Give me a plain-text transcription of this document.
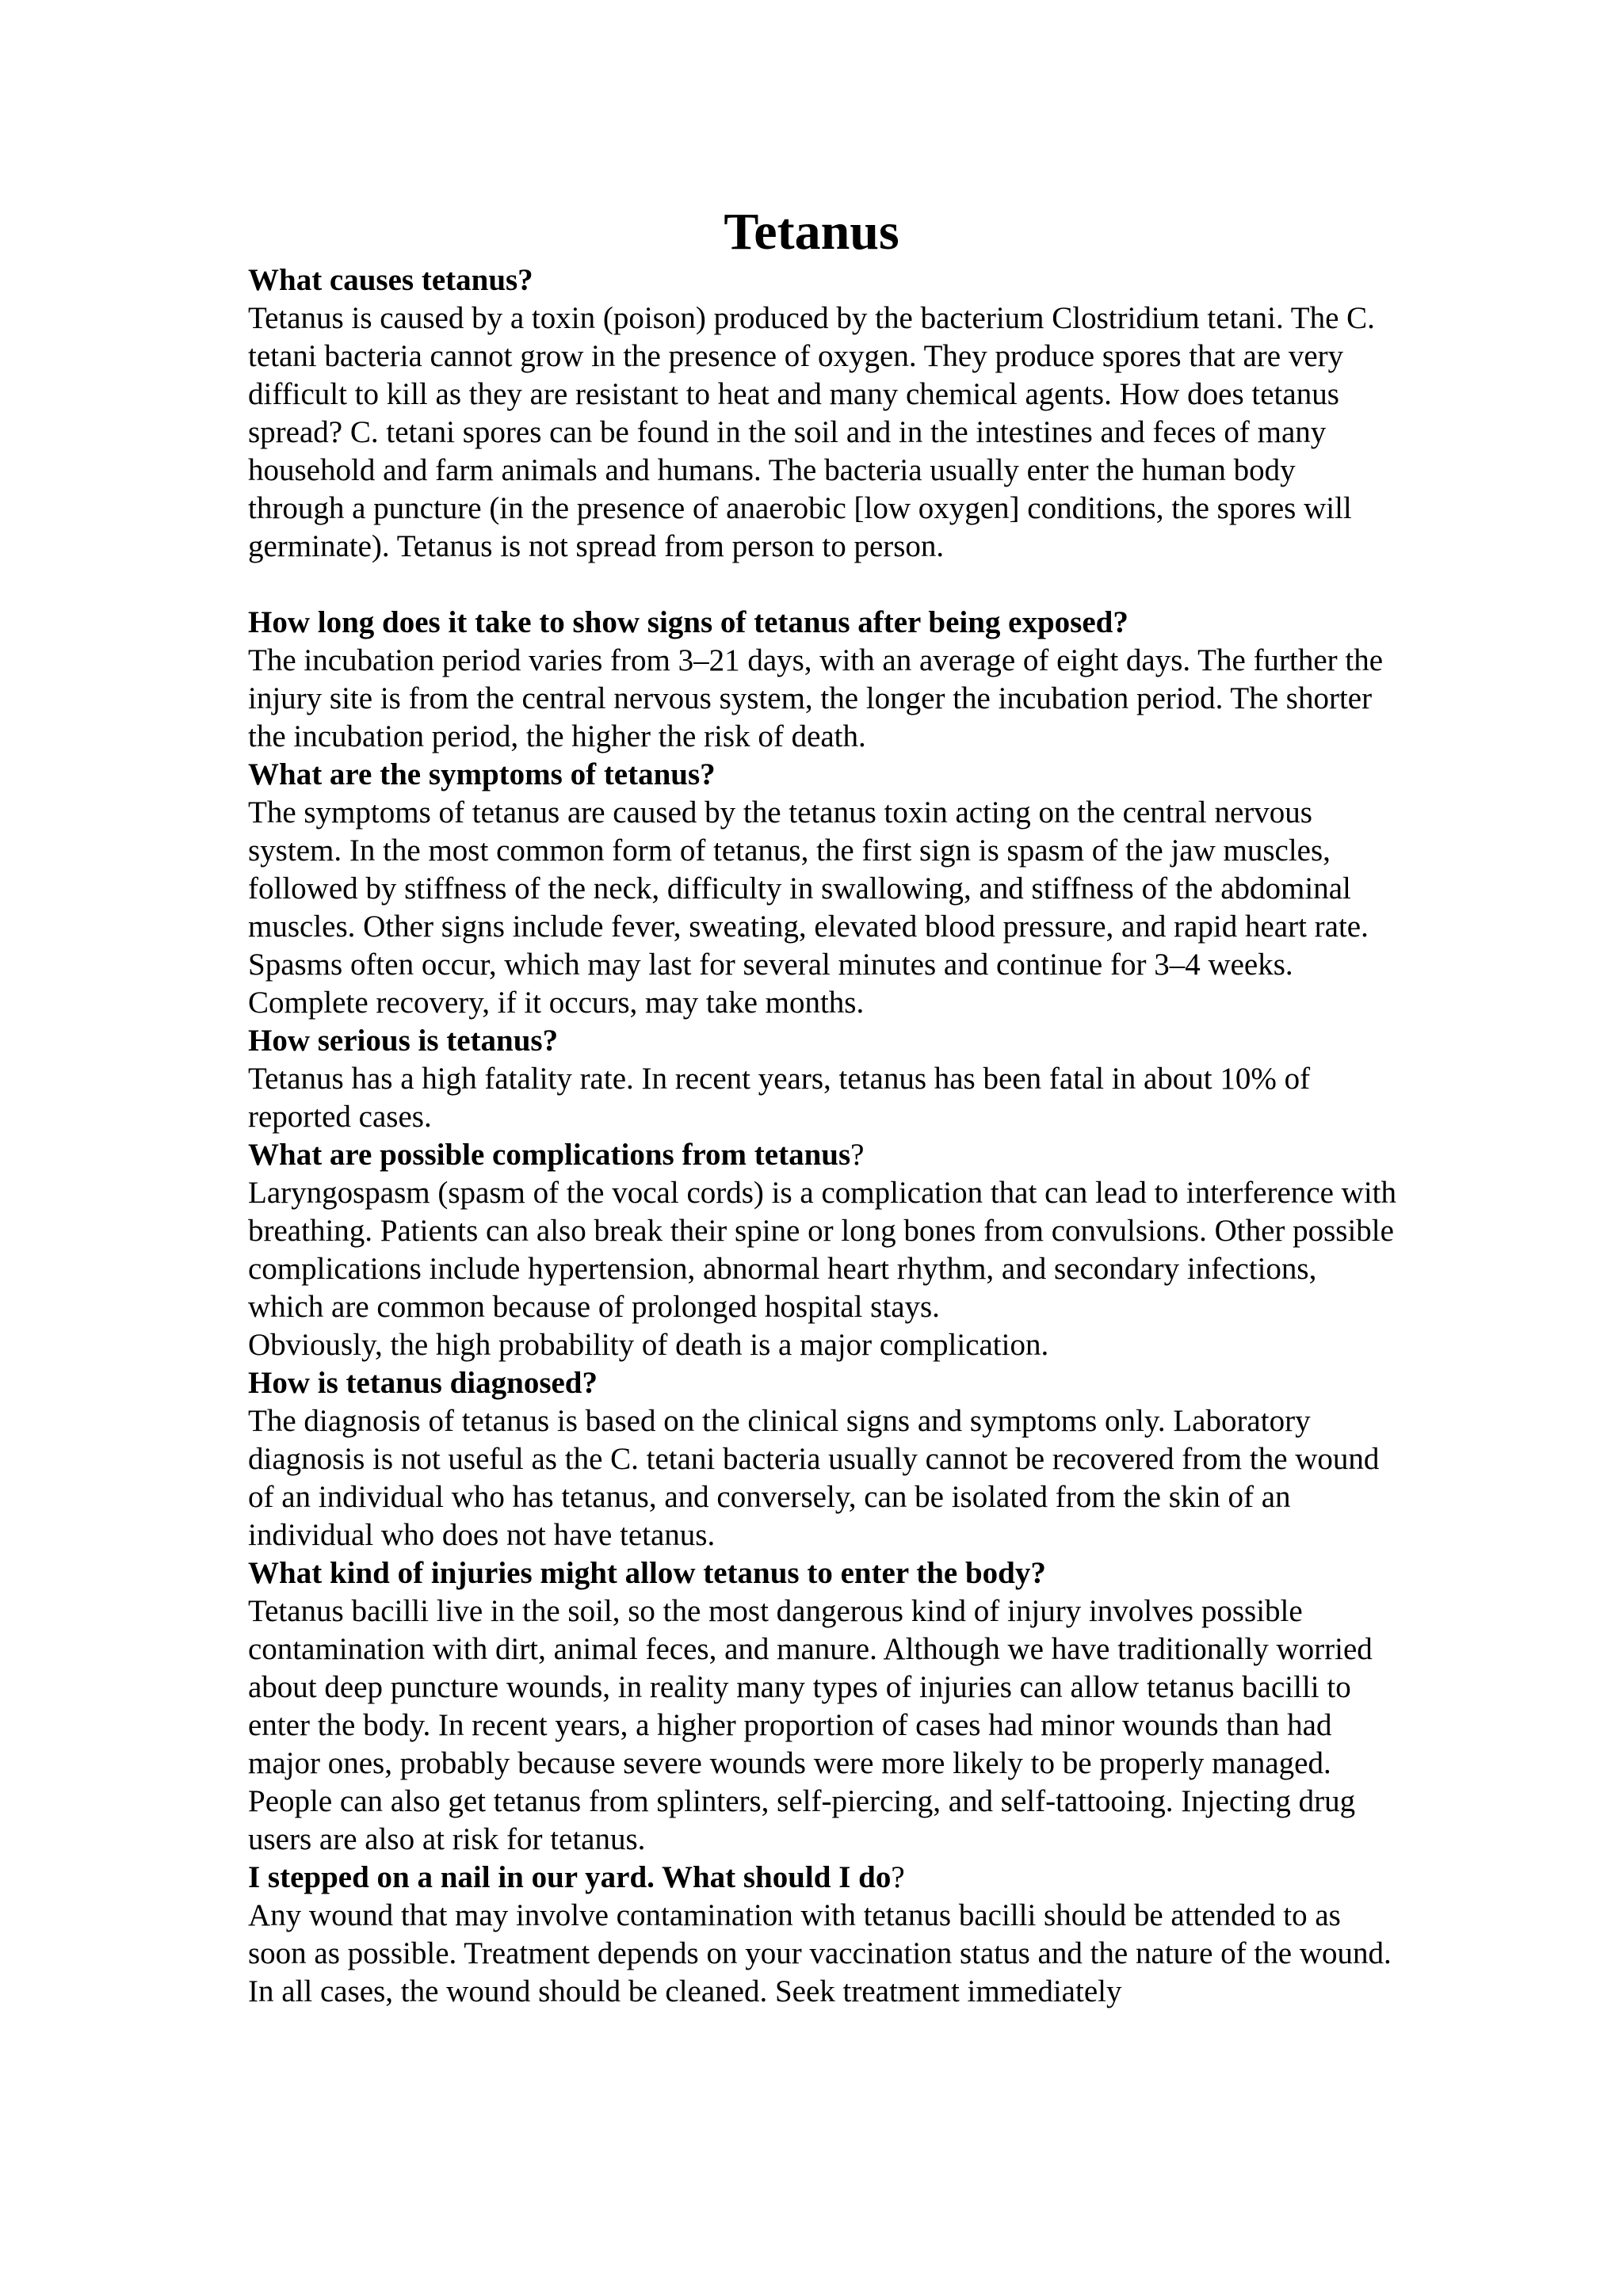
Tetanus

What causes tetanus?

Tetanus is caused by a toxin (poison) produced by the bacterium Clostridium tetani. The C. tetani bacteria cannot grow in the presence of oxygen. They produce spores that are very difficult to kill as they are resistant to heat and many chemical agents. How does tetanus spread? C. tetani spores can be found in the soil and in the intestines and feces of many household and farm animals and humans. The bacteria usually enter the human body through a puncture (in the presence of anaerobic [low oxygen] conditions, the spores will germinate). Tetanus is not spread from person to person.

How long does it take to show signs of tetanus after being exposed?

The incubation period varies from 3–21 days, with an average of eight days. The further the injury site is from the central nervous system, the longer the incubation period. The shorter the incubation period, the higher the risk of death.

What are the symptoms of tetanus?

The symptoms of tetanus are caused by the tetanus toxin acting on the central nervous system. In the most common form of tetanus, the first sign is spasm of the jaw muscles, followed by stiffness of the neck, difficulty in swallowing, and stiffness of the abdominal muscles. Other signs include fever, sweating, elevated blood pressure, and rapid heart rate. Spasms often occur, which may last for several minutes and continue for 3–4 weeks. Complete recovery, if it occurs, may take months.

How serious is tetanus?

Tetanus has a high fatality rate. In recent years, tetanus has been fatal in about 10% of reported cases.

What are possible complications from tetanus?

Laryngospasm (spasm of the vocal cords) is a complication that can lead to interference with breathing. Patients can also break their spine or long bones from convulsions. Other possible complications include hypertension, abnormal heart rhythm, and secondary infections, which are common because of prolonged hospital stays.

Obviously, the high probability of death is a major complication.

How is tetanus diagnosed?

The diagnosis of tetanus is based on the clinical signs and symptoms only. Laboratory diagnosis is not useful as the C. tetani bacteria usually cannot be recovered from the wound of an individual who has tetanus, and conversely, can be isolated from the skin of an individual who does not have tetanus.

What kind of injuries might allow tetanus to enter the body?

Tetanus bacilli live in the soil, so the most dangerous kind of injury involves possible contamination with dirt, animal feces, and manure. Although we have traditionally worried about deep puncture wounds, in reality many types of injuries can allow tetanus bacilli to enter the body. In recent years, a higher proportion of cases had minor wounds than had major ones, probably because severe wounds were more likely to be properly managed. People can also get tetanus from splinters, self-piercing, and self-tattooing. Injecting drug users are also at risk for tetanus.

I stepped on a nail in our yard. What should I do?

Any wound that may involve contamination with tetanus bacilli should be attended to as soon as possible. Treatment depends on your vaccination status and the nature of the wound. In all cases, the wound should be cleaned. Seek treatment immediately
